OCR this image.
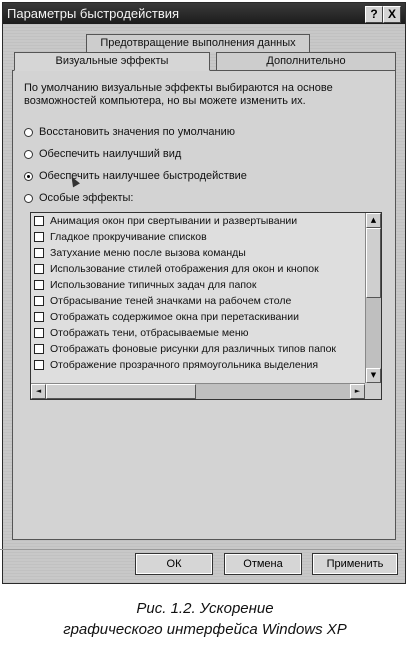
Параметры быстродействия	? X
Предотвращение выполнения данных
Визуальные эффекты	Дополнительно
По умолчанию визуальные эффекты выбираются на основе возможностей компьютера, но вы можете изменить их.
Восстановить значения по умолчанию
Обеспечить наилучший вид
Обеспечить наилучшее быстродействие
Особые эффекты:
Анимация окон при свертывании и развертывании
Гладкое прокручивание списков
Затухание меню после вызова команды
Использование стилей отображения для окон и кнопок
Использование типичных задач для папок
Отбрасывание теней значками на рабочем столе
Отображать содержимое окна при перетаскивании
Отображать тени, отбрасываемые меню
Отображать фоновые рисунки для различных типов папок
Отображение прозрачного прямоугольника выделения
▲
▼
◄	►
ОК	Отмена	Применить
Рис. 1.2. Ускорение
графического интерфейса Windows XP
